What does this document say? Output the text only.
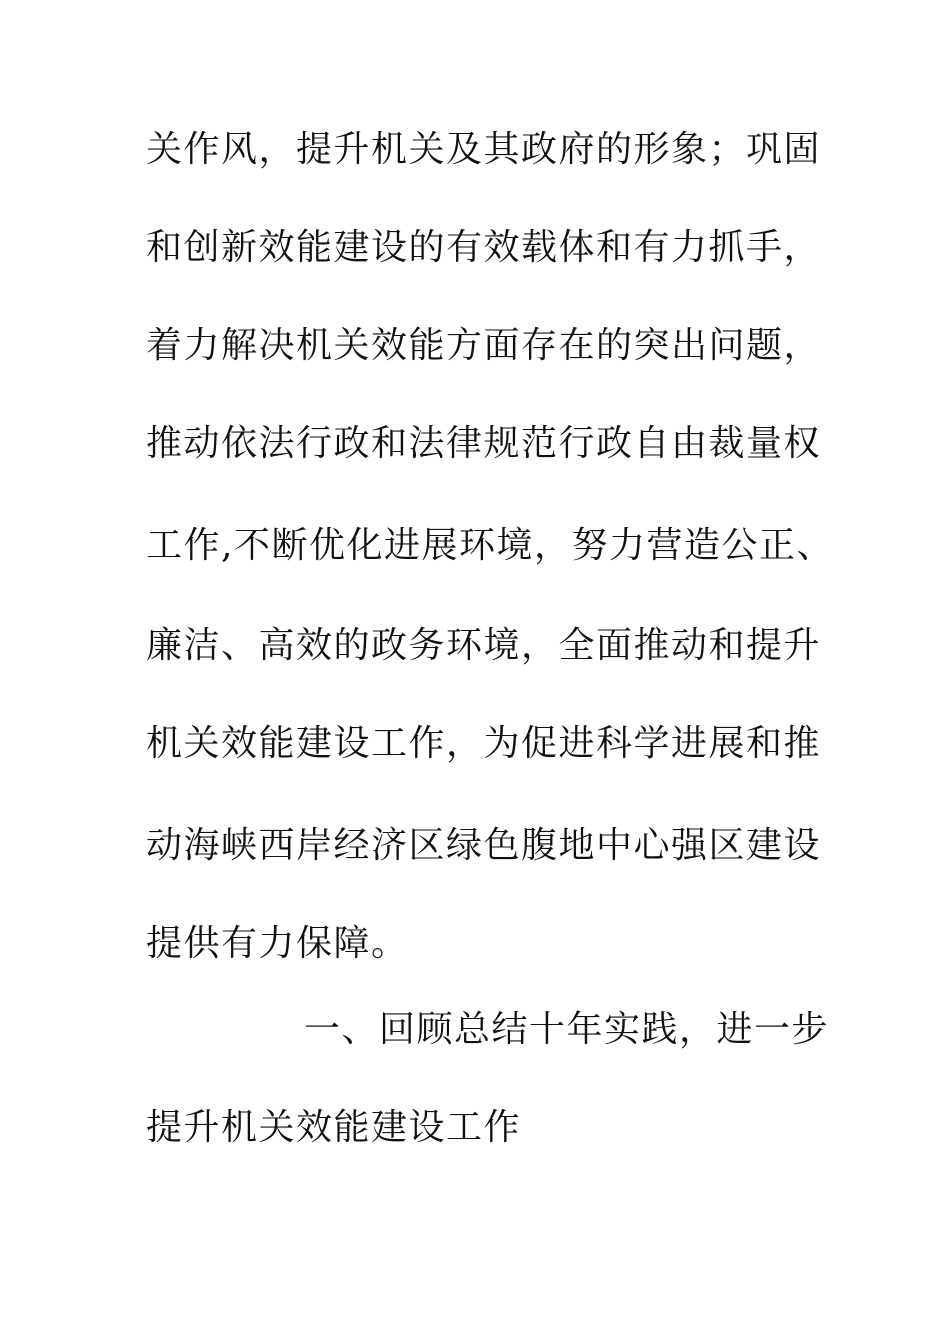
关作风，提升机关及其政府的形象；巩固
和创新效能建设的有效载体和有力抓手，
着力解决机关效能方面存在的突出问题，
推动依法行政和法律规范行政自由裁量权
工作,不断优化进展环境，努力营造公正、
廉洁、高效的政务环境，全面推动和提升
机关效能建设工作，为促进科学进展和推
动海峡西岸经济区绿色腹地中心强区建设
提供有力保障。
一、回顾总结十年实践，进一步
提升机关效能建设工作
